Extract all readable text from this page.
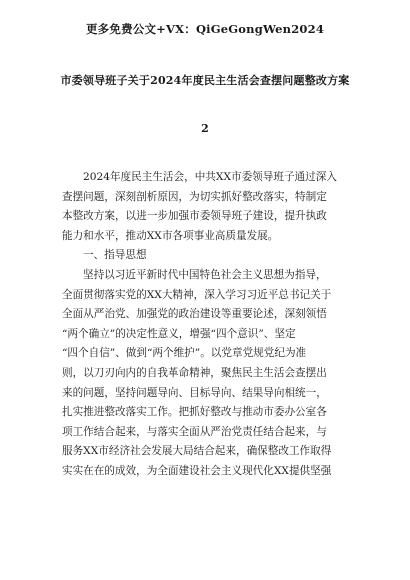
更多免费公文+VX：QiGeGongWen2024
市委领导班子关于2024年度民主生活会查摆问题整改方案
2
2024年度民主生活会，中共XX市委领导班子通过深入
查摆问题，深刻剖析原因，为切实抓好整改落实，特制定
本整改方案，以进一步加强市委领导班子建设，提升执政
能力和水平，推动XX市各项事业高质量发展。
一、指导思想
坚持以习近平新时代中国特色社会主义思想为指导，
全面贯彻落实党的XX大精神，深入学习习近平总书记关于
全面从严治党、加强党的政治建设等重要论述，深刻领悟
“两个确立”的决定性意义，增强“四个意识”、坚定
“四个自信”、做到“两个维护”。以党章党规党纪为准
则，以刀刃向内的自我革命精神，聚焦民主生活会查摆出
来的问题，坚持问题导向、目标导向、结果导向相统一，
扎实推进整改落实工作。把抓好整改与推动市委办公室各
项工作结合起来，与落实全面从严治党责任结合起来，与
服务XX市经济社会发展大局结合起来，确保整改工作取得
实实在在的成效，为全面建设社会主义现代化XX提供坚强
